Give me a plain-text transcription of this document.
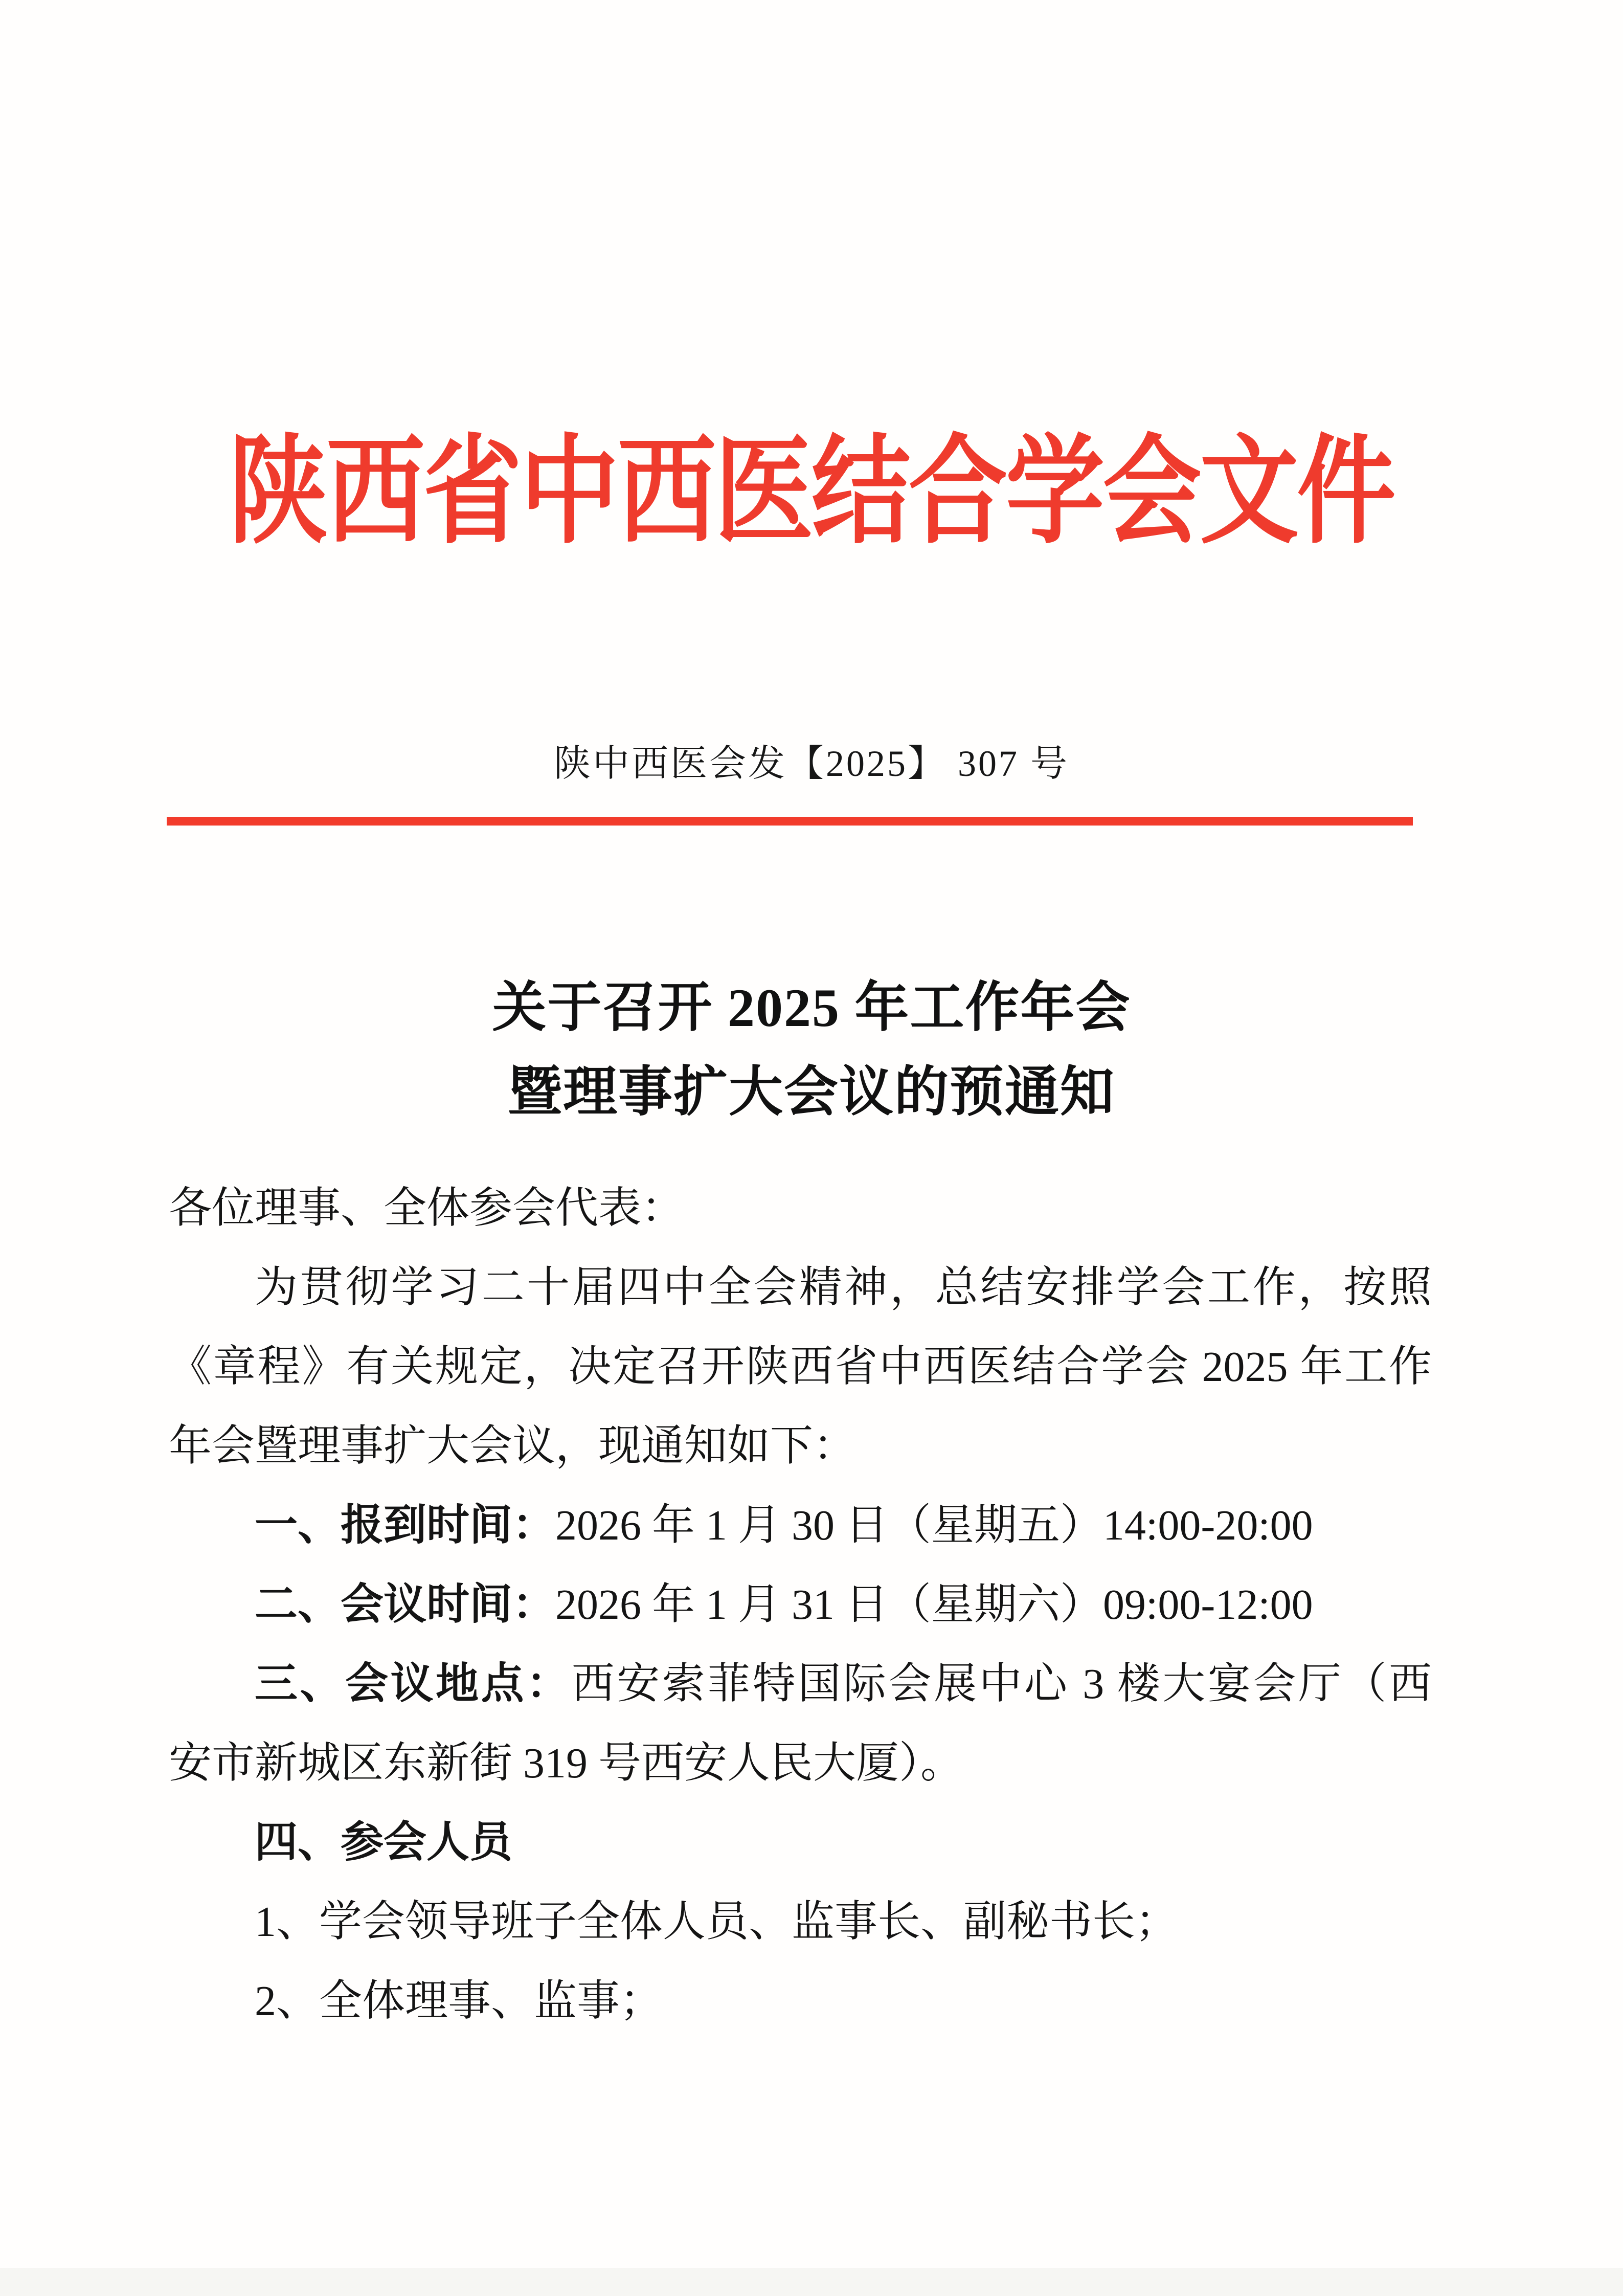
陕西省中西医结合学会文件
陕中西医会发【2025】 307 号
关于召开 2025 年工作年会
暨理事扩大会议的预通知
各位理事、全体参会代表：
为贯彻学习二十届四中全会精神，总结安排学会工作，按照
《章程》有关规定，决定召开陕西省中西医结合学会 2025 年工作
年会暨理事扩大会议，现通知如下：
一、报到时间：2026 年 1 月 30 日（星期五）14:00-20:00
二、会议时间：2026 年 1 月 31 日（星期六）09:00-12:00
三、会议地点：西安索菲特国际会展中心 3 楼大宴会厅（西
安市新城区东新街 319 号西安人民大厦）。
四、参会人员
1、学会领导班子全体人员、监事长、副秘书长；
2、全体理事、监事；
